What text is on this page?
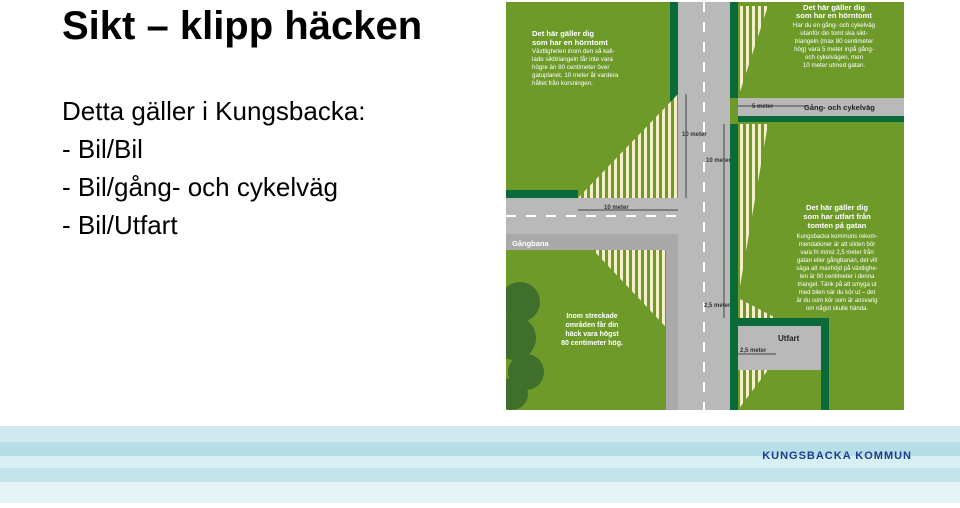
Sikt – klipp häcken
Detta gäller i Kungsbacka:
- Bil/Bil
- Bil/gång- och cykelväg
- Bil/Utfart
10 meter
10 meter
10 meter
5 meter
2,5 meter
2,5 meter
Gång- och cykelväg
Gångbana
Utfart
Det här gäller dig
som har en hörntomt
Växtligheten inom den så kall-
lade sikttriangeln får inte vara
högre än 80 centimeter över
gatuplanet, 10 meter åt vardera
hållet från korsningen.
Det här gäller dig
som har en hörntomt
Har du en gång- och cykelväg
utanför din tomt ska sikt-
triangeln (max 80 centimeter
hög) vara 5 meter inpå gång-
och cykelvägen, men
10 meter utmed gatan.
Det här gäller dig
som har utfart från
tomten på gatan
Kungsbacka kommuns rekom-
mendationer är att sikten bör
vara fri minst 2,5 meter från
gatan eller gångbanan, det vill
säga att maxhöjd på växtlighe-
ten är 80 centimeter i denna
triangel. Tänk på att smyga ut
med bilen när du kör ut – det
är du som kör som är ansvarig
om något skulle hända.
Inom streckade
områden får din
häck vara högst
80 centimeter hög.
KUNGSBACKA KOMMUN
